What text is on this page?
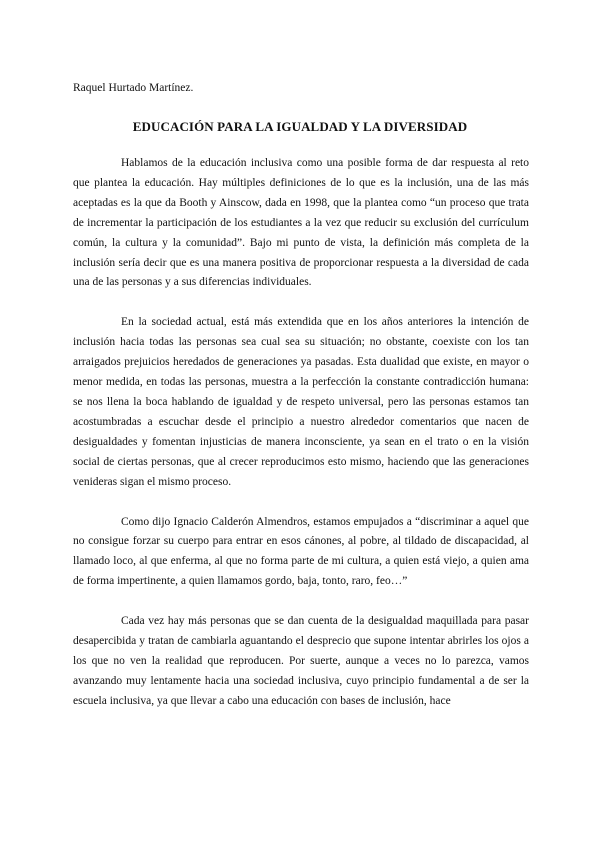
Raquel Hurtado Martínez.
EDUCACIÓN PARA LA IGUALDAD Y LA DIVERSIDAD

Hablamos de la educación inclusiva como una posible forma de dar respuesta al reto que plantea la educación. Hay múltiples definiciones de lo que es la inclusión, una de las más aceptadas es la que da Booth y Ainscow, dada en 1998, que la plantea como “un proceso que trata de incrementar la participación de los estudiantes a la vez que reducir su exclusión del currículum común, la cultura y la comunidad”. Bajo mi punto de vista, la definición más completa de la inclusión sería decir que es una manera positiva de proporcionar respuesta a la diversidad de cada una de las personas y a sus diferencias individuales.

En la sociedad actual, está más extendida que en los años anteriores la intención de inclusión hacia todas las personas sea cual sea su situación; no obstante, coexiste con los tan arraigados prejuicios heredados de generaciones ya pasadas. Esta dualidad que existe, en mayor o menor medida, en todas las personas, muestra a la perfección la constante contradicción humana: se nos llena la boca hablando de igualdad y de respeto universal, pero las personas estamos tan acostumbradas a escuchar desde el principio a nuestro alrededor comentarios que nacen de desigualdades y fomentan injusticias de manera inconsciente, ya sean en el trato o en la visión social de ciertas personas, que al crecer reproducimos esto mismo, haciendo que las generaciones venideras sigan el mismo proceso.

Como dijo Ignacio Calderón Almendros, estamos empujados a “discriminar a aquel que no consigue forzar su cuerpo para entrar en esos cánones, al pobre, al tildado de discapacidad, al llamado loco, al que enferma, al que no forma parte de mi cultura, a quien está viejo, a quien ama de forma impertinente, a quien llamamos gordo, baja, tonto, raro, feo…”

Cada vez hay más personas que se dan cuenta de la desigualdad maquillada para pasar desapercibida y tratan de cambiarla aguantando el desprecio que supone intentar abrirles los ojos a los que no ven la realidad que reproducen. Por suerte, aunque a veces no lo parezca, vamos avanzando muy lentamente hacia una sociedad inclusiva, cuyo principio fundamental a de ser la escuela inclusiva, ya que llevar a cabo una educación con bases de inclusión, hace
